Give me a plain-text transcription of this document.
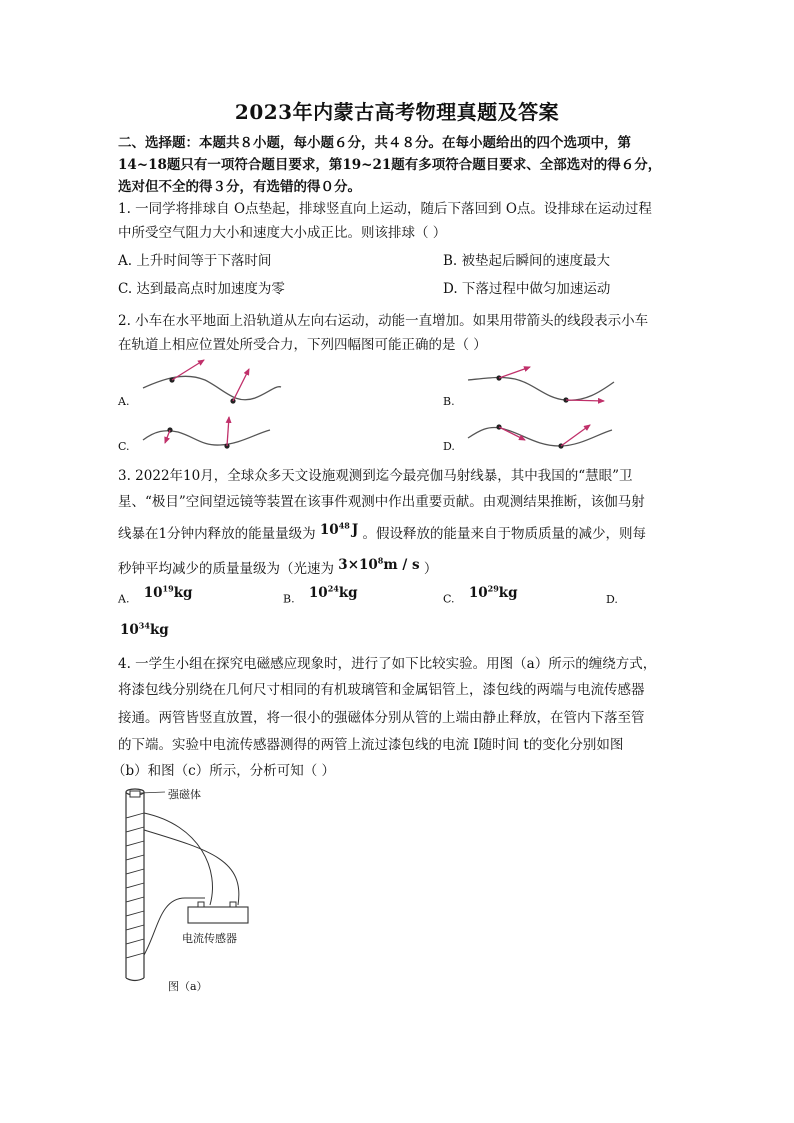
2023年内蒙古高考物理真题及答案
二、选择题：本题共８小题，每小题６分，共４８分。在每小题给出的四个选项中，第
14~18题只有一项符合题目要求，第19~21题有多项符合题目要求、全部选对的得６分，
选对但不全的得３分，有选错的得０分。
1. 一同学将排球自 O点垫起，排球竖直向上运动，随后下落回到 O点。设排球在运动过程
中所受空气阻力大小和速度大小成正比。则该排球（ ）
A. 上升时间等于下落时间	B. 被垫起后瞬间的速度最大
C. 达到最高点时加速度为零	D. 下落过程中做匀加速运动
2. 小车在水平地面上沿轨道从左向右运动，动能一直增加。如果用带箭头的线段表示小车
在轨道上相应位置处所受合力，下列四幅图可能正确的是（ ）
A.	B.
C.	D.
3. 2022年10月，全球众多天文设施观测到迄今最亮伽马射线暴，其中我国的“慧眼”卫
星、“极目”空间望远镜等装置在该事件观测中作出重要贡献。由观测结果推断，该伽马射
线暴在1分钟内释放的能量量级为 $10^{48}$ J 。假设释放的能量来自于物质质量的减少，则每
秒钟平均减少的质量量级为（光速为 $3\times 10^8m / s$ ）
A. $10^{19}kg$	B. $10^{24}kg$	C. $10^{29}kg$	D.
$10^{34}kg$
4. 一学生小组在探究电磁感应现象时，进行了如下比较实验。用图（a）所示的缠绕方式，
将漆包线分别绕在几何尺寸相同的有机玻璃管和金属铝管上，漆包线的两端与电流传感器
接通。两管皆竖直放置，将一很小的强磁体分别从管的上端由静止释放，在管内下落至管
的下端。实验中电流传感器测得的两管上流过漆包线的电流 I随时间 t的变化分别如图
（b）和图（c）所示，分析可知（ ）
强磁体
电流传感器
图（a）
